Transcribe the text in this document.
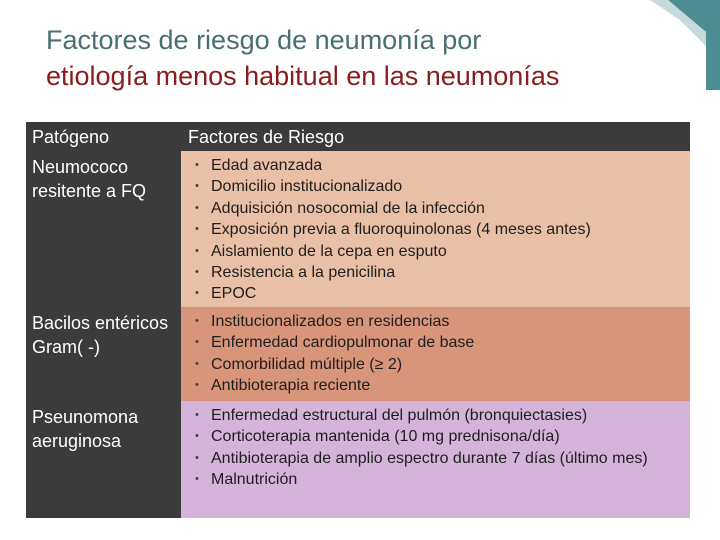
Factores de riesgo de neumonía por
etiología menos habitual en las neumonías
Patógeno	Factores de Riesgo
Neumococo resitente a FQ
• Edad avanzada
• Domicilio institucionalizado
• Adquisición nosocomial de la infección
• Exposición previa a fluoroquinolonas (4 meses antes)
• Aislamiento de la cepa en esputo
• Resistencia a la penicilina
• EPOC
Bacilos entéricos Gram( -)
• Institucionalizados en residencias
• Enfermedad cardiopulmonar de base
• Comorbilidad múltiple (≥ 2)
• Antibioterapia reciente
Pseunomona aeruginosa
• Enfermedad estructural del pulmón (bronquiectasies)
• Corticoterapia mantenida (10 mg prednisona/día)
• Antibioterapia de amplio espectro durante 7 días (último mes)
• Malnutrición
